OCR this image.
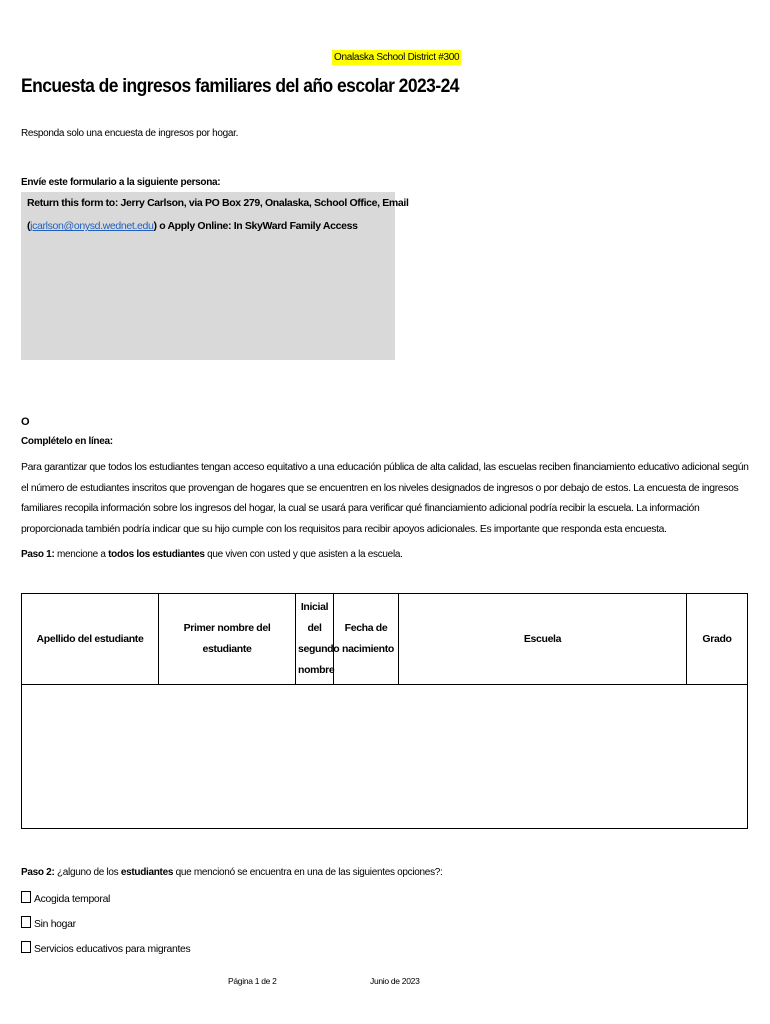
Onalaska School District #300
Encuesta de ingresos familiares del año escolar 2023-24
Responda solo una encuesta de ingresos por hogar.
Envíe este formulario a la siguiente persona:
Return this form to: Jerry Carlson, via PO Box 279, Onalaska, School Office, Email
(jcarlson@onysd.wednet.edu) o Apply Online: In SkyWard Family Access
O
Complételo en línea:
Para garantizar que todos los estudiantes tengan acceso equitativo a una educación pública de alta calidad, las escuelas reciben financiamiento educativo adicional según el número de estudiantes inscritos que provengan de hogares que se encuentren en los niveles designados de ingresos o por debajo de estos. La encuesta de ingresos familiares recopila información sobre los ingresos del hogar, la cual se usará para verificar qué financiamiento adicional podría recibir la escuela. La información proporcionada también podría indicar que su hijo cumple con los requisitos para recibir apoyos adicionales. Es importante que responda esta encuesta.
Paso 1: mencione a todos los estudiantes que viven con usted y que asisten a la escuela.
Apellido del estudiante	Primer nombre del estudiante	Inicial del segundo nombre	Fecha de nacimiento	Escuela	Grado

Paso 2: ¿alguno de los estudiantes que mencionó se encuentra en una de las siguientes opciones?:
Acogida temporal
Sin hogar
Servicios educativos para migrantes
Página 1 de 2	Junio de 2023
